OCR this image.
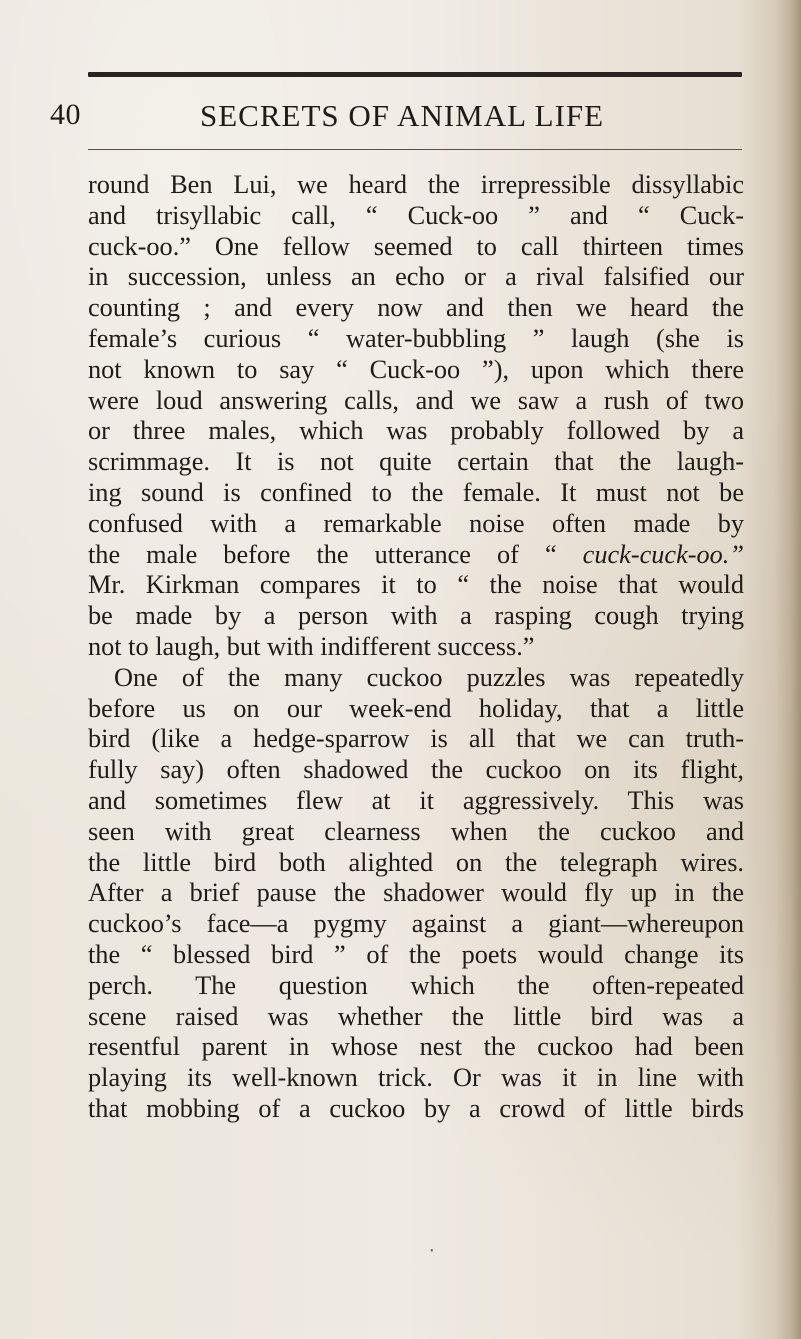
40	SECRETS OF ANIMAL LIFE
round Ben Lui, we heard the irrepressible dissyllabic
and trisyllabic call, “ Cuck-oo ” and “ Cuck-
cuck-oo.” One fellow seemed to call thirteen times
in succession, unless an echo or a rival falsified our
counting ; and every now and then we heard the
female’s curious “ water-bubbling ” laugh (she is
not known to say “ Cuck-oo ”), upon which there
were loud answering calls, and we saw a rush of two
or three males, which was probably followed by a
scrimmage. It is not quite certain that the laugh-
ing sound is confined to the female. It must not be
confused with a remarkable noise often made by
the male before the utterance of “ cuck-cuck-oo.”
Mr. Kirkman compares it to “ the noise that would
be made by a person with a rasping cough trying
not to laugh, but with indifferent success.”
One of the many cuckoo puzzles was repeatedly
before us on our week-end holiday, that a little
bird (like a hedge-sparrow is all that we can truth-
fully say) often shadowed the cuckoo on its flight,
and sometimes flew at it aggressively. This was
seen with great clearness when the cuckoo and
the little bird both alighted on the telegraph wires.
After a brief pause the shadower would fly up in the
cuckoo’s face—a pygmy against a giant—whereupon
the “ blessed bird ” of the poets would change its
perch. The question which the often-repeated
scene raised was whether the little bird was a
resentful parent in whose nest the cuckoo had been
playing its well-known trick. Or was it in line with
that mobbing of a cuckoo by a crowd of little birds
•
